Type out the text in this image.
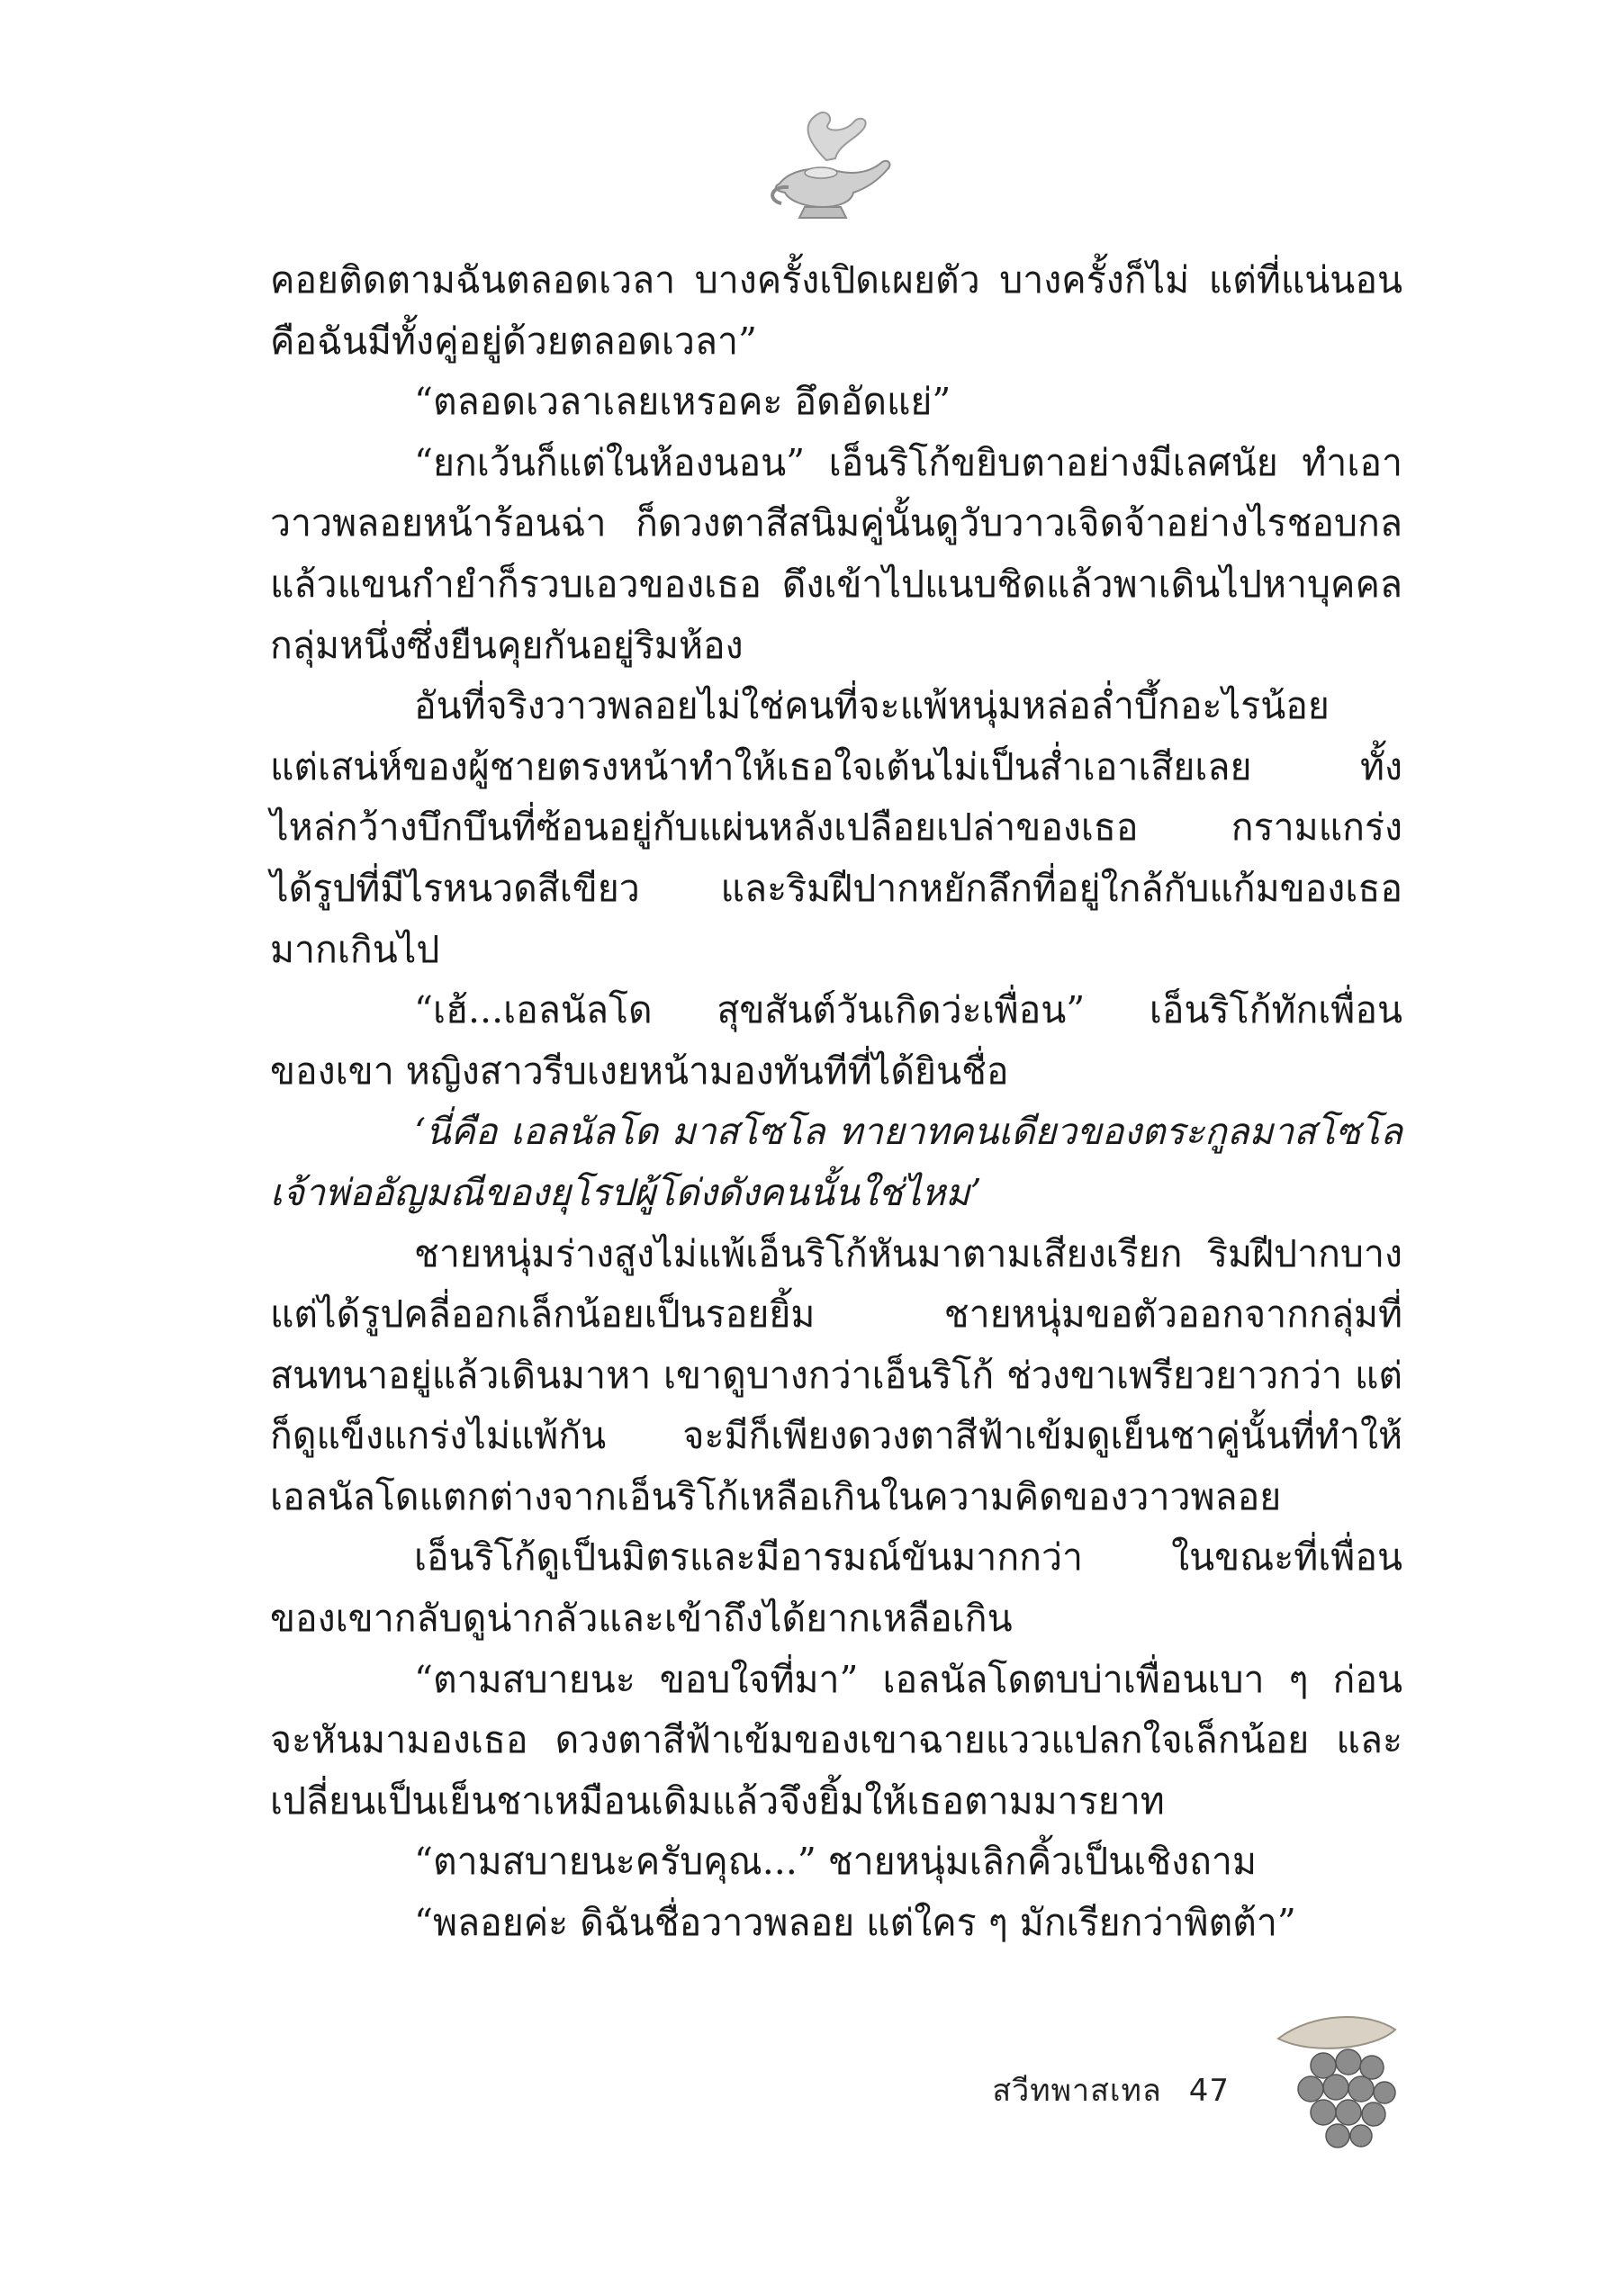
คอยติดตามฉันตลอดเวลา บางครั้งเปิดเผยตัว บางครั้งก็ไม่ แต่ที่แน่นอน
คือฉันมีทั้งคู่อยู่ด้วยตลอดเวลา”
“ตลอดเวลาเลยเหรอคะ อึดอัดแย่”
“ยกเว้นก็แต่ในห้องนอน” เอ็นริโก้ขยิบตาอย่างมีเลศนัย ทำเอา
วาวพลอยหน้าร้อนฉ่า ก็ดวงตาสีสนิมคู่นั้นดูวับวาวเจิดจ้าอย่างไรชอบกล
แล้วแขนกำยำก็รวบเอวของเธอ ดึงเข้าไปแนบชิดแล้วพาเดินไปหาบุคคล
กลุ่มหนึ่งซึ่งยืนคุยกันอยู่ริมห้อง
อันที่จริงวาวพลอยไม่ใช่คนที่จะแพ้หนุ่มหล่อล่ำบึ้กอะไรน้อย
แต่เสน่ห์ของผู้ชายตรงหน้าทำให้เธอใจเต้นไม่เป็นส่ำเอาเสียเลย ทั้ง
ไหล่กว้างบึกบึนที่ซ้อนอยู่กับแผ่นหลังเปลือยเปล่าของเธอ กรามแกร่ง
ได้รูปที่มีไรหนวดสีเขียว และริมฝีปากหยักลึกที่อยู่ใกล้กับแก้มของเธอ
มากเกินไป
“เฮ้...เอลนัลโด สุขสันต์วันเกิดว่ะเพื่อน” เอ็นริโก้ทักเพื่อน
ของเขา หญิงสาวรีบเงยหน้ามองทันทีที่ได้ยินชื่อ
‘นี่คือ เอลนัลโด มาสโซโล ทายาทคนเดียวของตระกูลมาสโซโล
เจ้าพ่ออัญมณีของยุโรปผู้โด่งดังคนนั้นใช่ไหม’
ชายหนุ่มร่างสูงไม่แพ้เอ็นริโก้หันมาตามเสียงเรียก ริมฝีปากบาง
แต่ได้รูปคลี่ออกเล็กน้อยเป็นรอยยิ้ม ชายหนุ่มขอตัวออกจากกลุ่มที่
สนทนาอยู่แล้วเดินมาหา เขาดูบางกว่าเอ็นริโก้ ช่วงขาเพรียวยาวกว่า แต่
ก็ดูแข็งแกร่งไม่แพ้กัน จะมีก็เพียงดวงตาสีฟ้าเข้มดูเย็นชาคู่นั้นที่ทำให้
เอลนัลโดแตกต่างจากเอ็นริโก้เหลือเกินในความคิดของวาวพลอย
เอ็นริโก้ดูเป็นมิตรและมีอารมณ์ขันมากกว่า ในขณะที่เพื่อน
ของเขากลับดูน่ากลัวและเข้าถึงได้ยากเหลือเกิน
“ตามสบายนะ ขอบใจที่มา” เอลนัลโดตบบ่าเพื่อนเบา ๆ ก่อน
จะหันมามองเธอ ดวงตาสีฟ้าเข้มของเขาฉายแววแปลกใจเล็กน้อย และ
เปลี่ยนเป็นเย็นชาเหมือนเดิมแล้วจึงยิ้มให้เธอตามมารยาท
“ตามสบายนะครับคุณ...” ชายหนุ่มเลิกคิ้วเป็นเชิงถาม
“พลอยค่ะ ดิฉันชื่อวาวพลอย แต่ใคร ๆ มักเรียกว่าพิตต้า”
สวีทพาสเทล 47
